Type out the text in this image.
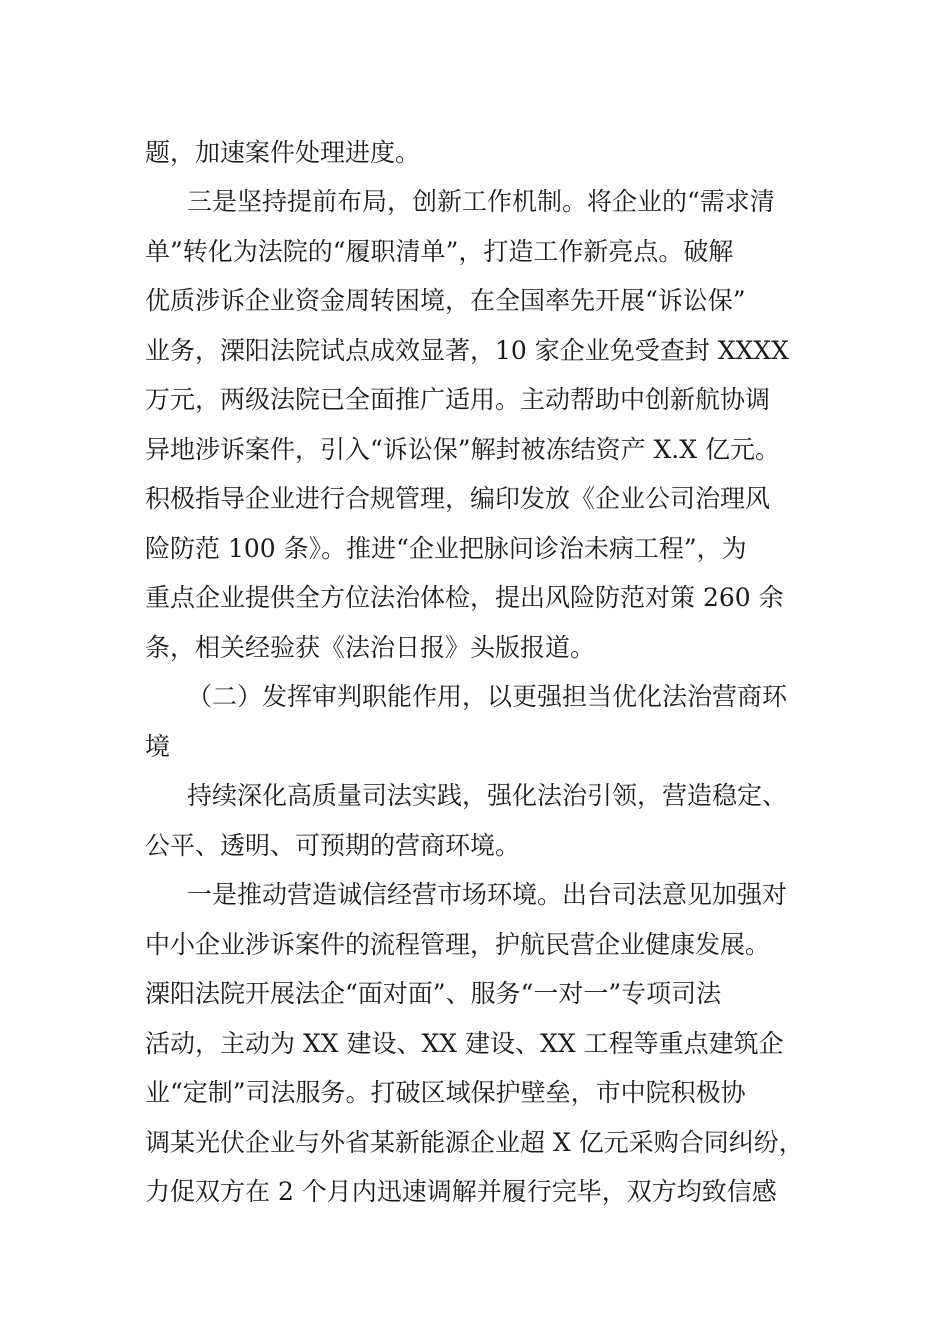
题，加速案件处理进度。
三是坚持提前布局，创新工作机制。将企业的“需求清
单”转化为法院的“履职清单”，打造工作新亮点。破解
优质涉诉企业资金周转困境，在全国率先开展“诉讼保”
业务，溧阳法院试点成效显著，10 家企业免受查封 XXXX
万元，两级法院已全面推广适用。主动帮助中创新航协调
异地涉诉案件，引入“诉讼保”解封被冻结资产 X.X 亿元。
积极指导企业进行合规管理，编印发放《企业公司治理风
险防范 100 条》。推进“企业把脉问诊治未病工程”，为
重点企业提供全方位法治体检，提出风险防范对策 260 余
条，相关经验获《法治日报》头版报道。
（二）发挥审判职能作用，以更强担当优化法治营商环
境
持续深化高质量司法实践，强化法治引领，营造稳定、
公平、透明、可预期的营商环境。
一是推动营造诚信经营市场环境。出台司法意见加强对
中小企业涉诉案件的流程管理，护航民营企业健康发展。
溧阳法院开展法企“面对面”、服务“一对一”专项司法
活动，主动为 XX 建设、XX 建设、XX 工程等重点建筑企
业“定制”司法服务。打破区域保护壁垒，市中院积极协
调某光伏企业与外省某新能源企业超 X 亿元采购合同纠纷，
力促双方在 2 个月内迅速调解并履行完毕，双方均致信感
